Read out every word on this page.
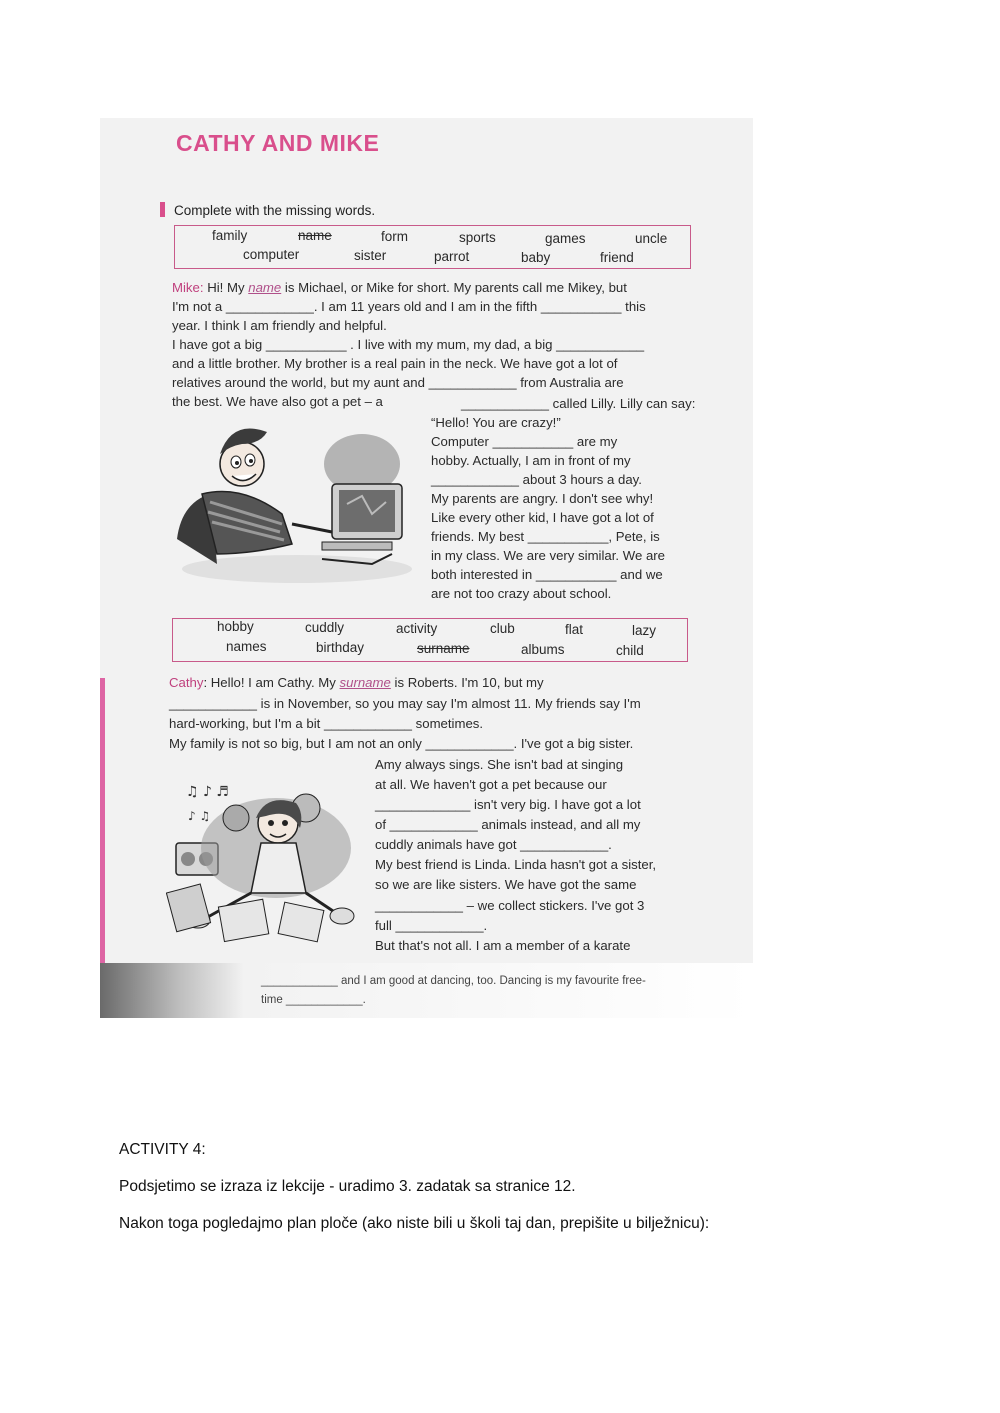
CATHY AND MIKE
Complete with the missing words.
family	name	form	sports	games	uncle
computer	sister	parrot	baby	friend
Mike: Hi! My name is Michael, or Mike for short. My parents call me Mikey, but
I'm not a ____________. I am 11 years old and I am in the fifth ___________ this
year. I think I am friendly and helpful.
I have got a big ___________ . I live with my mum, my dad, a big ____________
and a little brother. My brother is a real pain in the neck. We have got a lot of
relatives around the world, but my aunt and ____________ from Australia are
the best. We have also got a pet – a	____________ called Lilly. Lilly can say:
“Hello! You are crazy!”
Computer ___________ are my
hobby. Actually, I am in front of my
____________ about 3 hours a day.
My parents are angry. I don't see why!
Like every other kid, I have got a lot of
friends. My best ___________, Pete, is
in my class. We are very similar. We are
both interested in ___________ and we
are not too crazy about school.
hobby	cuddly	activity	club	flat	lazy
names	birthday	surname	albums	child
Cathy: Hello! I am Cathy. My surname is Roberts. I'm 10, but my
____________ is in November, so you may say I'm almost 11. My friends say I'm
hard-working, but I'm a bit ____________ sometimes.
My family is not so big, but I am not an only ____________. I've got a big sister.
Amy always sings. She isn't bad at singing
at all. We haven't got a pet because our
_____________ isn't very big. I have got a lot
of ____________ animals instead, and all my
cuddly animals have got ____________.
My best friend is Linda. Linda hasn't got a sister,
so we are like sisters. We have got the same
____________ – we collect stickers. I've got 3
full ____________.
But that's not all. I am a member of a karate
♫ ♪ ♬
♪ ♫
____________ and I am good at dancing, too. Dancing is my favourite free-
time ____________.
ACTIVITY 4:
Podsjetimo se izraza iz lekcije - uradimo 3. zadatak sa stranice 12.
Nakon toga pogledajmo plan ploče (ako niste bili u školi taj dan, prepišite u bilježnicu):
